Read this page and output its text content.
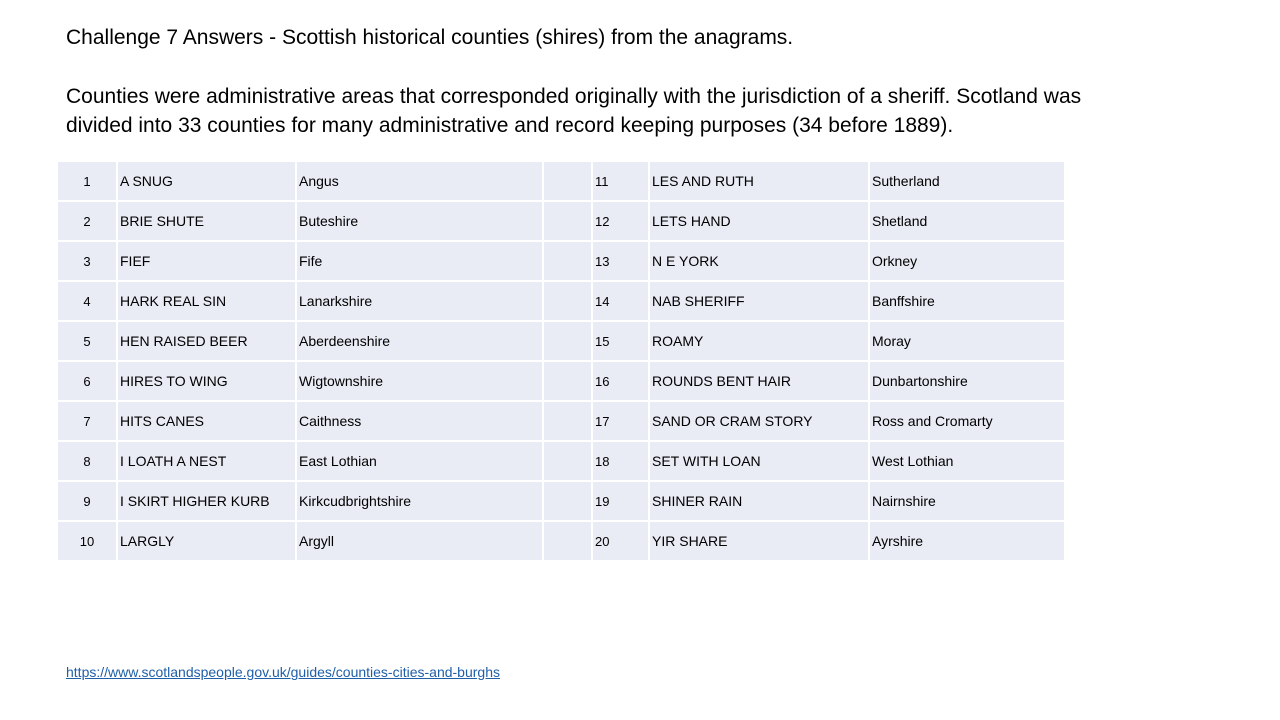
Challenge 7 Answers - Scottish historical counties (shires) from the anagrams.
Counties were administrative areas that corresponded originally with the jurisdiction of a sheriff. Scotland was divided into 33 counties for many administrative and record keeping purposes (34 before 1889).
1	A SNUG	Angus		11	LES AND RUTH	Sutherland
2	BRIE SHUTE	Buteshire		12	LETS HAND	Shetland
3	FIEF	Fife		13	N E YORK	Orkney
4	HARK REAL SIN	Lanarkshire		14	NAB SHERIFF	Banffshire
5	HEN RAISED BEER	Aberdeenshire		15	ROAMY	Moray
6	HIRES TO WING	Wigtownshire		16	ROUNDS BENT HAIR	Dunbartonshire
7	HITS CANES	Caithness		17	SAND OR CRAM STORY	Ross and Cromarty
8	I LOATH A NEST	East Lothian		18	SET WITH LOAN	West Lothian
9	I SKIRT HIGHER KURB	Kirkcudbrightshire		19	SHINER RAIN	Nairnshire
10	LARGLY	Argyll		20	YIR SHARE	Ayrshire
https://www.scotlandspeople.gov.uk/guides/counties-cities-and-burghs
